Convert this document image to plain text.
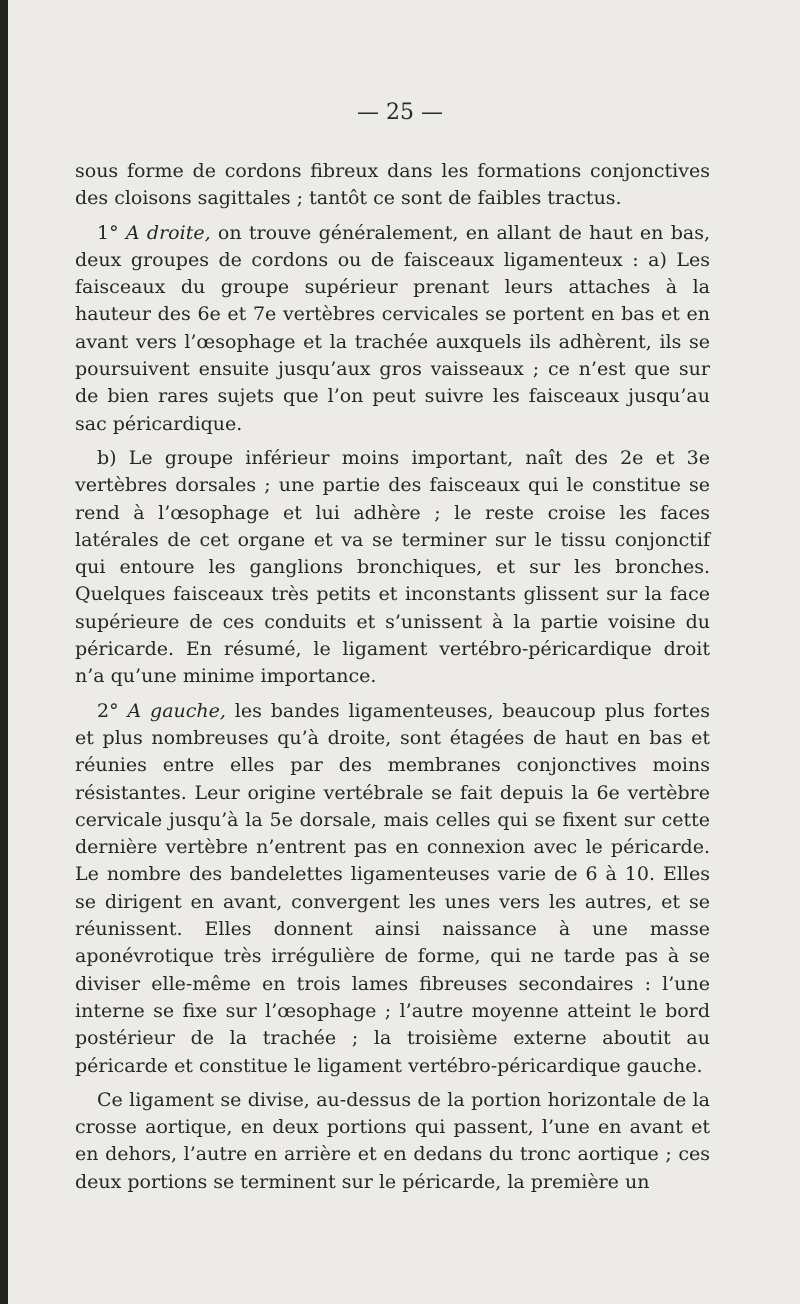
— 25 —

sous forme de cordons fibreux dans les formations conjonctives des cloisons sagittales ; tantôt ce sont de faibles tractus.

1° A droite, on trouve généralement, en allant de haut en bas, deux groupes de cordons ou de faisceaux ligamenteux : a) Les faisceaux du groupe supérieur prenant leurs attaches à la hauteur des 6e et 7e vertèbres cervicales se portent en bas et en avant vers l’œsophage et la trachée auxquels ils adhèrent, ils se poursuivent ensuite jusqu’aux gros vaisseaux ; ce n’est que sur de bien rares sujets que l’on peut suivre les faisceaux jusqu’au sac péricardique.

b) Le groupe inférieur moins important, naît des 2e et 3e vertèbres dorsales ; une partie des faisceaux qui le constitue se rend à l’œsophage et lui adhère ; le reste croise les faces latérales de cet organe et va se terminer sur le tissu conjonctif qui entoure les ganglions bronchiques, et sur les bronches. Quelques faisceaux très petits et inconstants glissent sur la face supérieure de ces conduits et s’unissent à la partie voisine du péricarde. En résumé, le ligament vertébro-péricardique droit n’a qu’une minime importance.

2° A gauche, les bandes ligamenteuses, beaucoup plus fortes et plus nombreuses qu’à droite, sont étagées de haut en bas et réunies entre elles par des membranes conjonctives moins résistantes. Leur origine vertébrale se fait depuis la 6e vertèbre cervicale jusqu’à la 5e dorsale, mais celles qui se fixent sur cette dernière vertèbre n’entrent pas en connexion avec le péricarde. Le nombre des bandelettes ligamenteuses varie de 6 à 10. Elles se dirigent en avant, convergent les unes vers les autres, et se réunissent. Elles donnent ainsi naissance à une masse aponévrotique très irrégulière de forme, qui ne tarde pas à se diviser elle-même en trois lames fibreuses secondaires : l’une interne se fixe sur l’œsophage ; l’autre moyenne atteint le bord postérieur de la trachée ; la troisième externe aboutit au péricarde et constitue le ligament vertébro-péricardique gauche.

Ce ligament se divise, au-dessus de la portion horizontale de la crosse aortique, en deux portions qui passent, l’une en avant et en dehors, l’autre en arrière et en dedans du tronc aortique ; ces deux portions se terminent sur le péricarde, la première un
